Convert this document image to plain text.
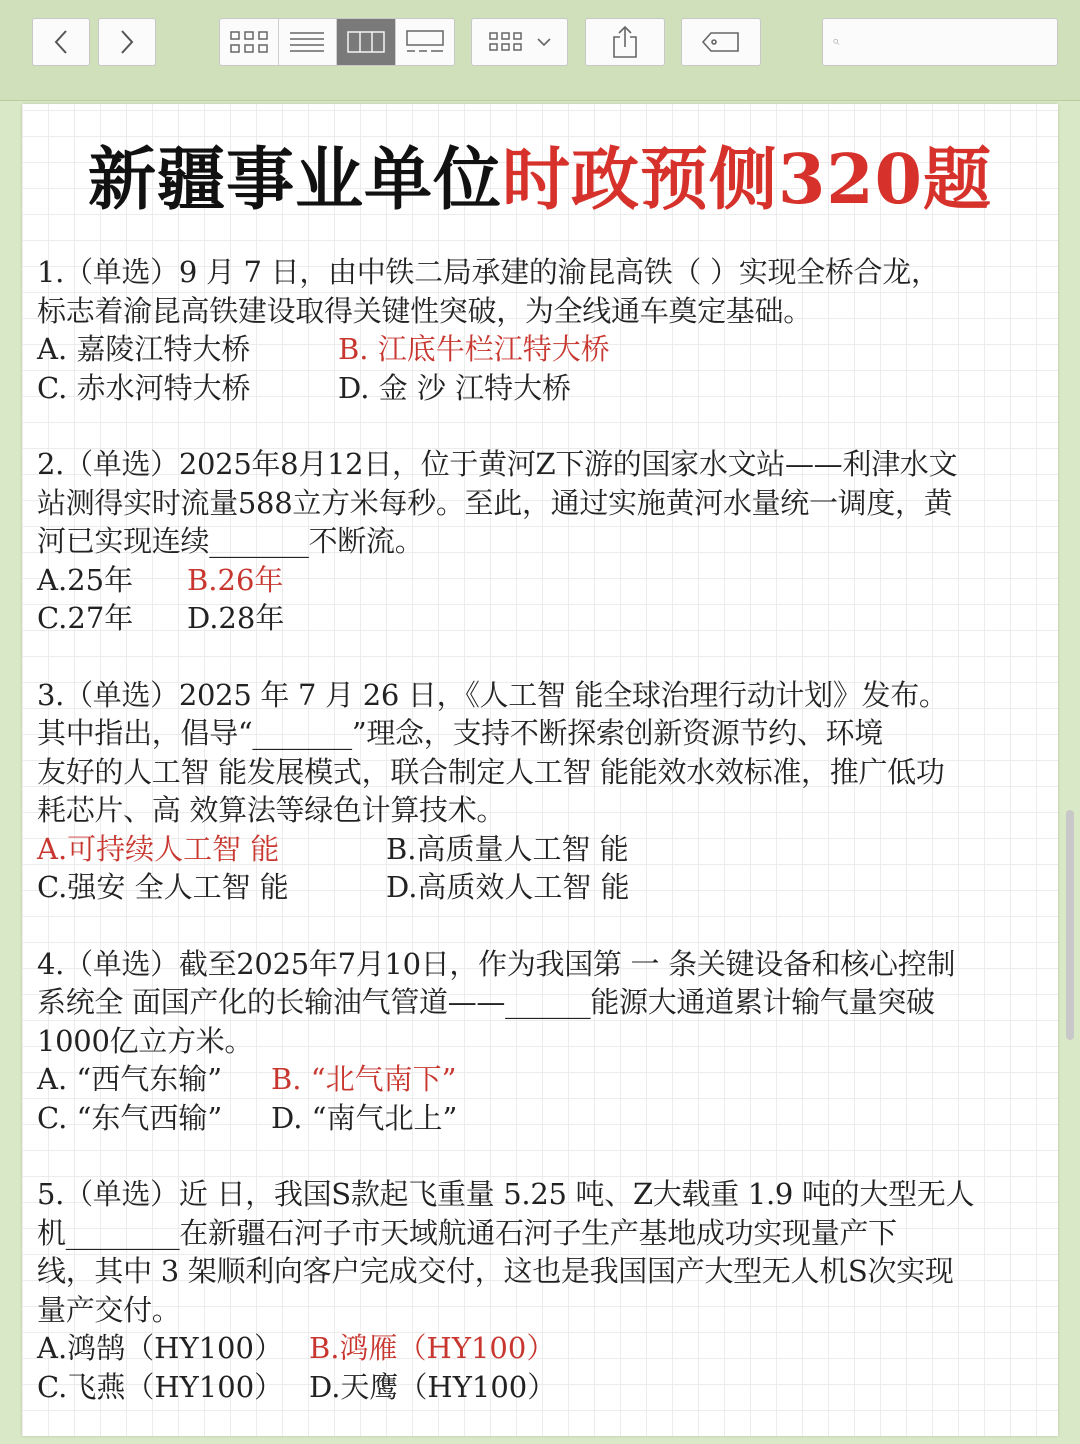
新疆事业单位时政预侧320题
1.（单选）9 月 7 日，由中铁二局承建的渝昆高铁（ ）实现全桥合龙，
标志着渝昆高铁建设取得关键性突破，为全线通车奠定基础。
A. 嘉陵江特大桥	B. 江底牛栏江特大桥
C. 赤水河特大桥	D. 金 沙 江特大桥
2.（单选）2025年8月12日，位于黄河Z下游的国家水文站——利津水文
站测得实时流量588立方米每秒。至此，通过实施黄河水量统一调度，黄
河已实现连续_______不断流。
A.25年 B.26年
C.27年 D.28年
3.（单选）2025 年 7 月 26 日，《人工智 能全球治理行动计划》发布。
其中指出，倡导“_______”理念，支持不断探索创新资源节约、环境
友好的人工智 能发展模式，联合制定人工智 能能效水效标准，推广低功
耗芯片、高 效算法等绿色计算技术。
A.可持续人工智 能	B.高质量人工智 能
C.强安 全人工智 能	D.高质效人工智 能
4.（单选）截至2025年7月10日，作为我国第 一 条关键设备和核心控制
系统全 面国产化的长输油气管道——______能源大通道累计输气量突破
1000亿立方米。
A. “西气东输” B. “北气南下”
C. “东气西输” D. “南气北上”
5.（单选）近 日，我国S款起飞重量 5.25 吨、Z大载重 1.9 吨的大型无人
机________在新疆石河子市天域航通石河子生产基地成功实现量产下
线，其中 3 架顺利向客户完成交付，这也是我国国产大型无人机S次实现
量产交付。
A.鸿鹄（HY100） B.鸿雁（HY100）
C.飞燕（HY100） D.天鹰（HY100）
